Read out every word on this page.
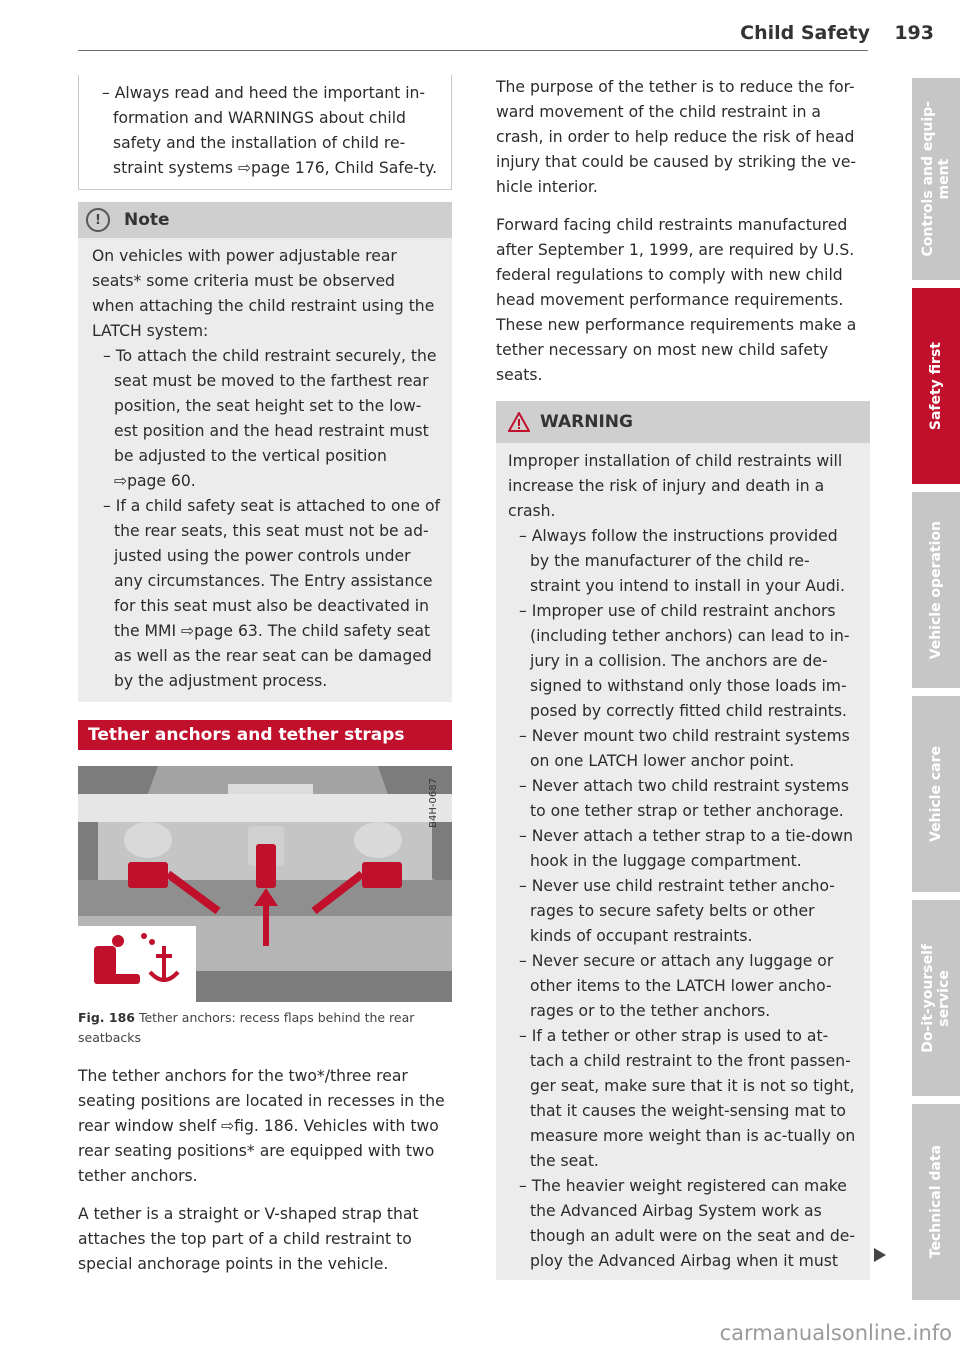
Child Safety 193

– Always read and heed the important in-formation and WARNINGS about child safety and the installation of child re-straint systems ⇨page 176, Child Safe-ty.

!	Note
On vehicles with power adjustable rear seats* some criteria must be observed when attaching the child restraint using the LATCH system:
– To attach the child restraint securely, the seat must be moved to the farthest rear position, the seat height set to the low-est position and the head restraint must be adjusted to the vertical position ⇨page 60.
– If a child safety seat is attached to one of the rear seats, this seat must not be ad-justed using the power controls under any circumstances. The Entry assistance for this seat must also be deactivated in the MMI ⇨page 63. The child safety seat as well as the rear seat can be damaged by the adjustment process.
Tether anchors and tether straps
B4H-0687
Fig. 186 Tether anchors: recess flaps behind the rear seatbacks

The tether anchors for the two*/three rear seating positions are located in recesses in the rear window shelf ⇨fig. 186. Vehicles with two rear seating positions* are equipped with two tether anchors.

A tether is a straight or V-shaped strap that attaches the top part of a child restraint to special anchorage points in the vehicle.

The purpose of the tether is to reduce the for-ward movement of the child restraint in a crash, in order to help reduce the risk of head injury that could be caused by striking the ve-hicle interior.

Forward facing child restraints manufactured after September 1, 1999, are required by U.S. federal regulations to comply with new child head movement performance requirements. These new performance requirements make a tether necessary on most new child safety seats.

WARNING
Improper installation of child restraints will increase the risk of injury and death in a crash.
– Always follow the instructions provided by the manufacturer of the child re-straint you intend to install in your Audi.
– Improper use of child restraint anchors (including tether anchors) can lead to in-jury in a collision. The anchors are de-signed to withstand only those loads im-posed by correctly fitted child restraints.
– Never mount two child restraint systems on one LATCH lower anchor point.
– Never attach two child restraint systems to one tether strap or tether anchorage.
– Never attach a tether strap to a tie-down hook in the luggage compartment.
– Never use child restraint tether ancho-rages to secure safety belts or other kinds of occupant restraints.
– Never secure or attach any luggage or other items to the LATCH lower ancho-rages or to the tether anchors.
– If a tether or other strap is used to at-tach a child restraint to the front passen-ger seat, make sure that it is not so tight, that it causes the weight-sensing mat to measure more weight than is ac-tually on the seat.
– The heavier weight registered can make the Advanced Airbag System work as though an adult were on the seat and de-ploy the Advanced Airbag when it must
Controls and equip-
ment
Safety first
Vehicle operation
Vehicle care
Do-it-yourself
service
Technical data
carmanualsonline.info
